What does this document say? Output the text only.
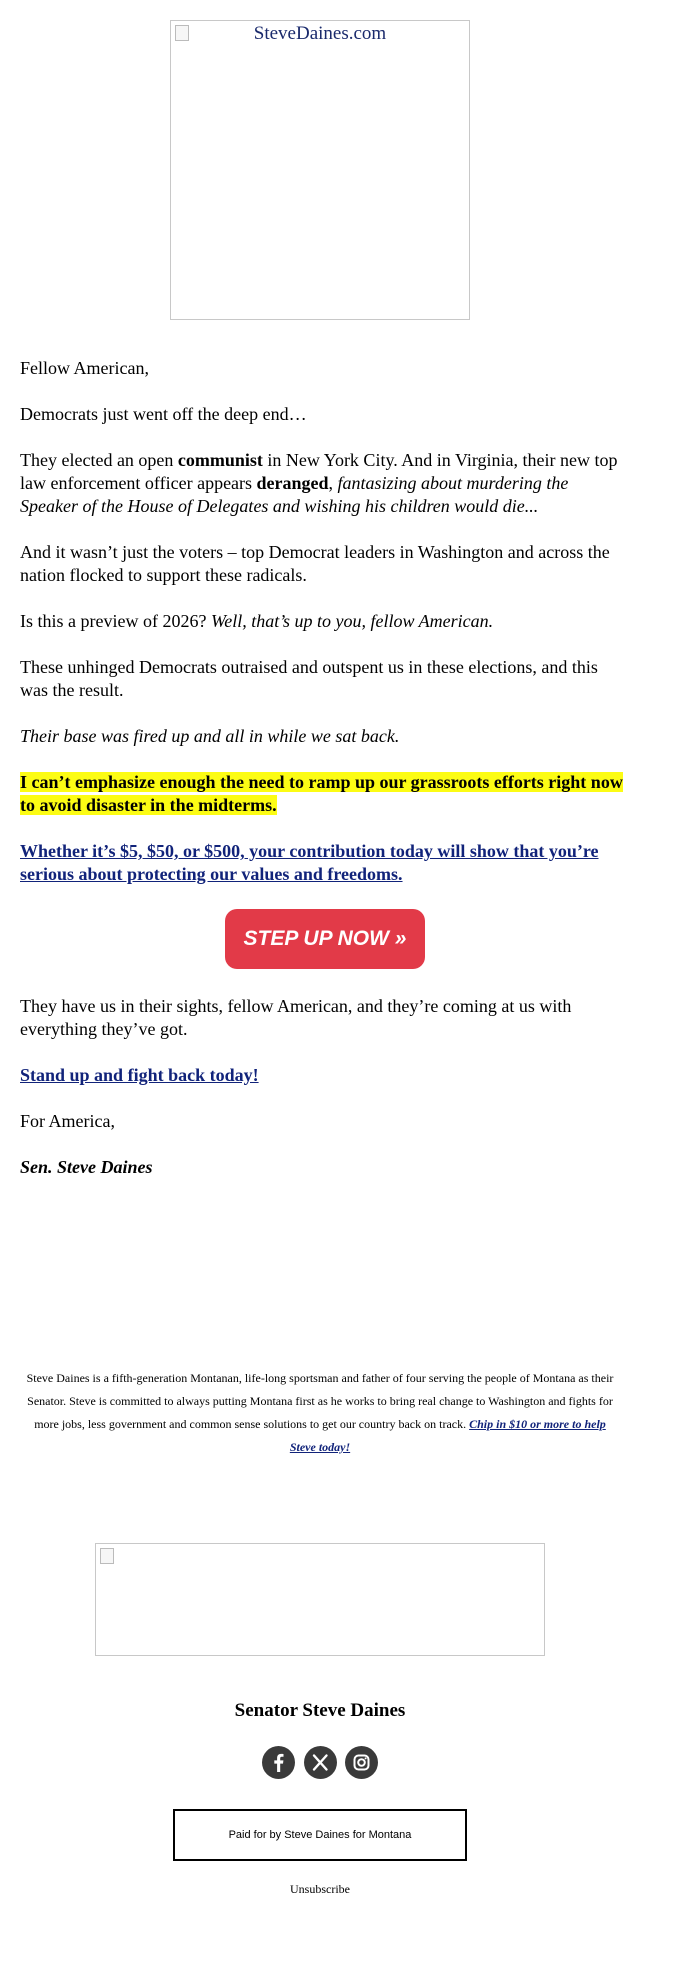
SteveDaines.com

Fellow American,

Democrats just went off the deep end…

They elected an open communist in New York City. And in Virginia, their new top law enforcement officer appears deranged, fantasizing about murdering the Speaker of the House of Delegates and wishing his children would die...

And it wasn’t just the voters – top Democrat leaders in Washington and across the nation flocked to support these radicals.

Is this a preview of 2026? Well, that’s up to you, fellow American.

These unhinged Democrats outraised and outspent us in these elections, and this was the result.

Their base was fired up and all in while we sat back.

I can’t emphasize enough the need to ramp up our grassroots efforts right now to avoid disaster in the midterms.

Whether it’s $5, $50, or $500, your contribution today will show that you’re serious about protecting our values and freedoms.

STEP UP NOW »

They have us in their sights, fellow American, and they’re coming at us with everything they’ve got.

Stand up and fight back today!

For America,

Sen. Steve Daines

Steve Daines is a fifth-generation Montanan, life-long sportsman and father of four serving the people of Montana as their Senator. Steve is committed to always putting Montana first as he works to bring real change to Washington and fights for more jobs, less government and common sense solutions to get our country back on track. Chip in $10 or more to help Steve today!
Senator Steve Daines
Paid for by Steve Daines for Montana
Unsubscribe
